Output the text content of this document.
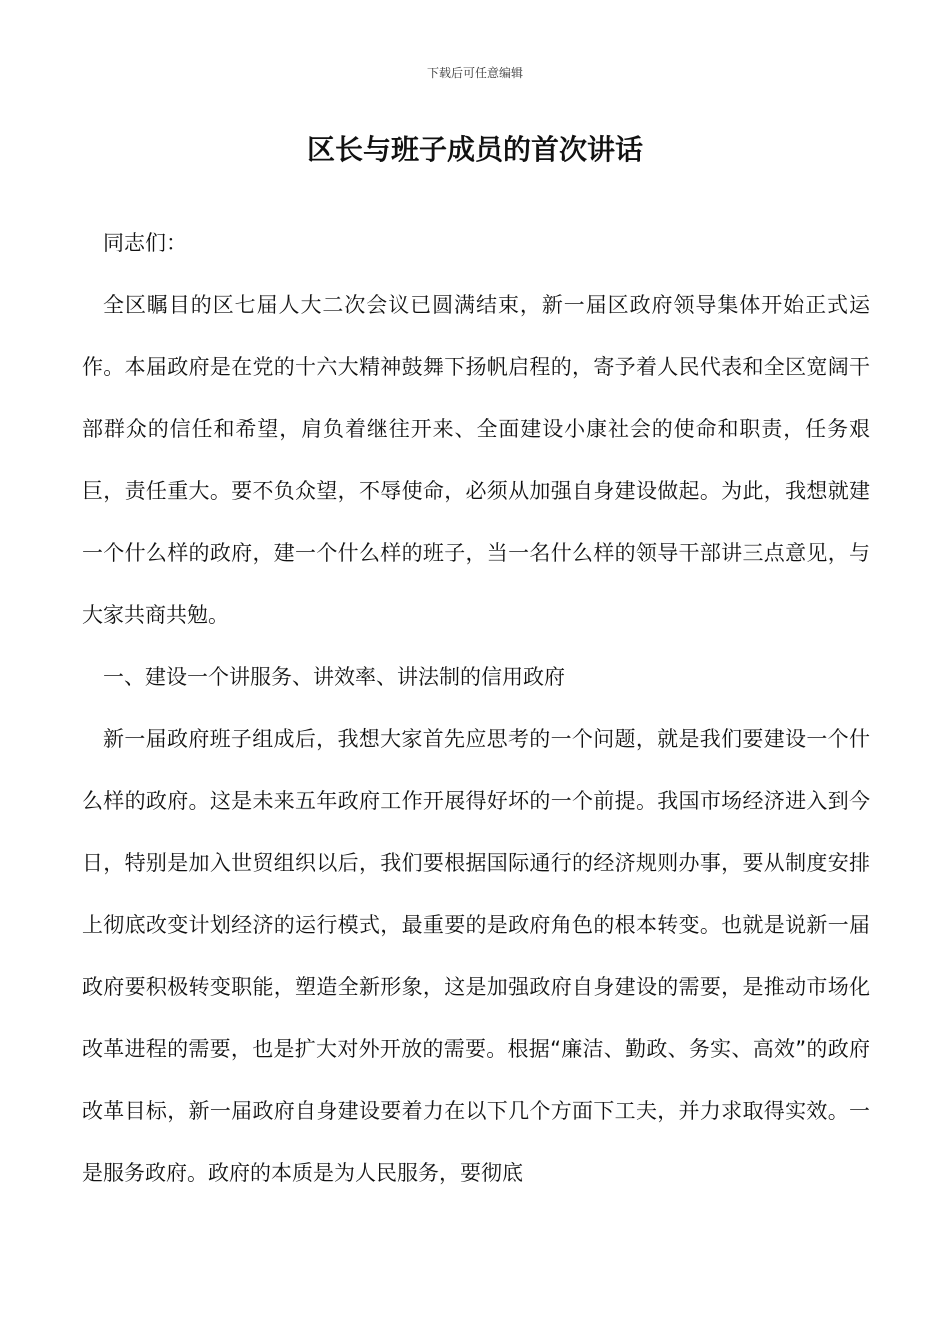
下载后可任意编辑
区长与班子成员的首次讲话

同志们：

全区瞩目的区七届人大二次会议已圆满结束，新一届区政府领导集体开始正式运作。本届政府是在党的十六大精神鼓舞下扬帆启程的，寄予着人民代表和全区宽阔干部群众的信任和希望，肩负着继往开来、全面建设小康社会的使命和职责，任务艰巨，责任重大。要不负众望，不辱使命，必须从加强自身建设做起。为此，我想就建一个什么样的政府，建一个什么样的班子，当一名什么样的领导干部讲三点意见，与大家共商共勉。

一、建设一个讲服务、讲效率、讲法制的信用政府

新一届政府班子组成后，我想大家首先应思考的一个问题，就是我们要建设一个什么样的政府。这是未来五年政府工作开展得好坏的一个前提。我国市场经济进入到今日，特别是加入世贸组织以后，我们要根据国际通行的经济规则办事，要从制度安排上彻底改变计划经济的运行模式，最重要的是政府角色的根本转变。也就是说新一届政府要积极转变职能，塑造全新形象，这是加强政府自身建设的需要，是推动市场化改革进程的需要，也是扩大对外开放的需要。根据“廉洁、勤政、务实、高效”的政府改革目标，新一届政府自身建设要着力在以下几个方面下工夫，并力求取得实效。一是服务政府。政府的本质是为人民服务，要彻底
